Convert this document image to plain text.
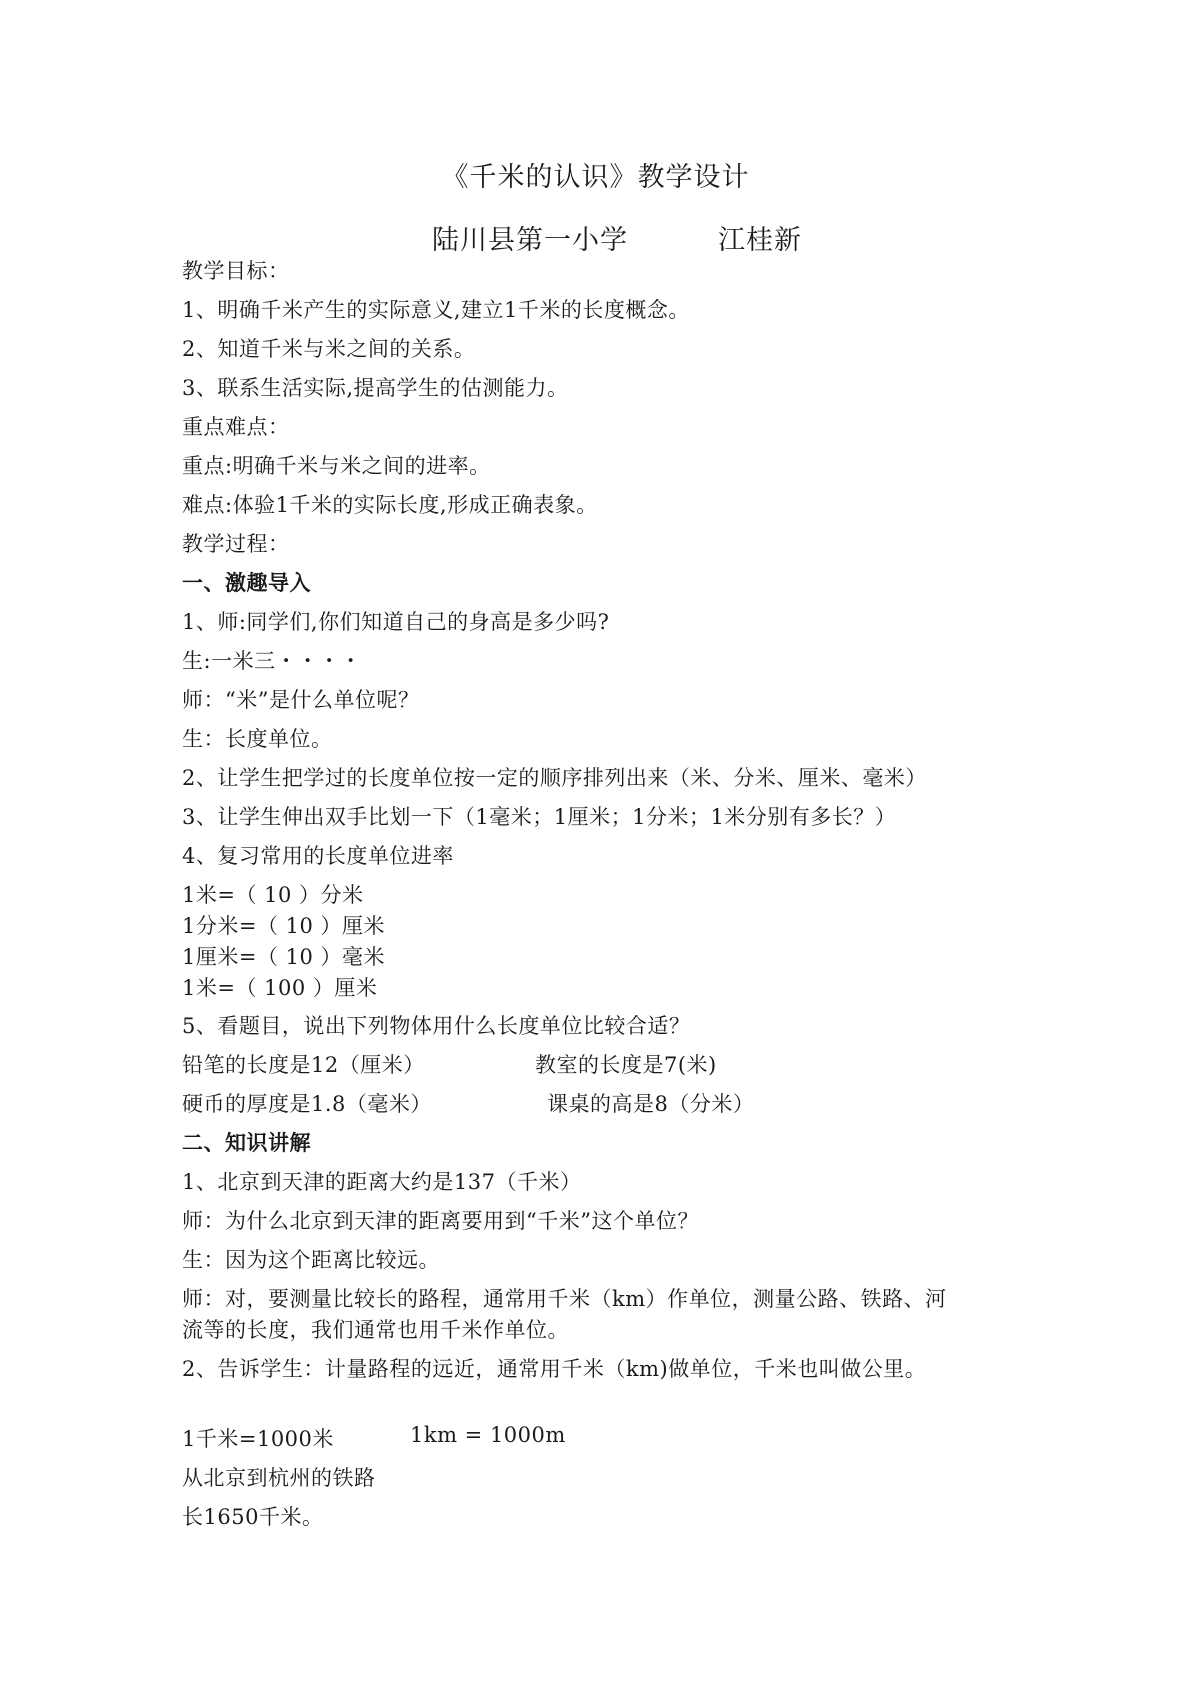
《千米的认识》教学设计
陆川县第一小学	江桂新
教学目标：
1、明确千米产生的实际意义,建立1千米的长度概念。
2、知道千米与米之间的关系。
3、联系生活实际,提高学生的估测能力。
重点难点：
重点:明确千米与米之间的进率。
难点:体验1千米的实际长度,形成正确表象。
教学过程：
一、激趣导入
1、师:同学们,你们知道自己的身高是多少吗?
生:一米三・・・・
师：“米”是什么单位呢？
生：长度单位。
2、让学生把学过的长度单位按一定的顺序排列出来（米、分米、厘米、毫米）
3、让学生伸出双手比划一下（1毫米；1厘米；1分米；1米分别有多长？）
4、复习常用的长度单位进率
1米=（ 10 ）分米
1分米=（ 10 ）厘米
1厘米=（ 10 ）毫米
1米=（ 100 ）厘米
5、看题目，说出下列物体用什么长度单位比较合适？
铅笔的长度是12（厘米）	教室的长度是7(米)
硬币的厚度是1.8（毫米）	课桌的高是8（分米）
二、知识讲解
1、北京到天津的距离大约是137（千米）
师：为什么北京到天津的距离要用到“千米”这个单位？
生：因为这个距离比较远。
师：对，要测量比较长的路程，通常用千米（km）作单位，测量公路、铁路、河
流等的长度，我们通常也用千米作单位。
2、告诉学生：计量路程的远近，通常用千米（km)做单位，千米也叫做公里。
1千米=1000米	1km = 1000m
从北京到杭州的铁路
长1650千米。
